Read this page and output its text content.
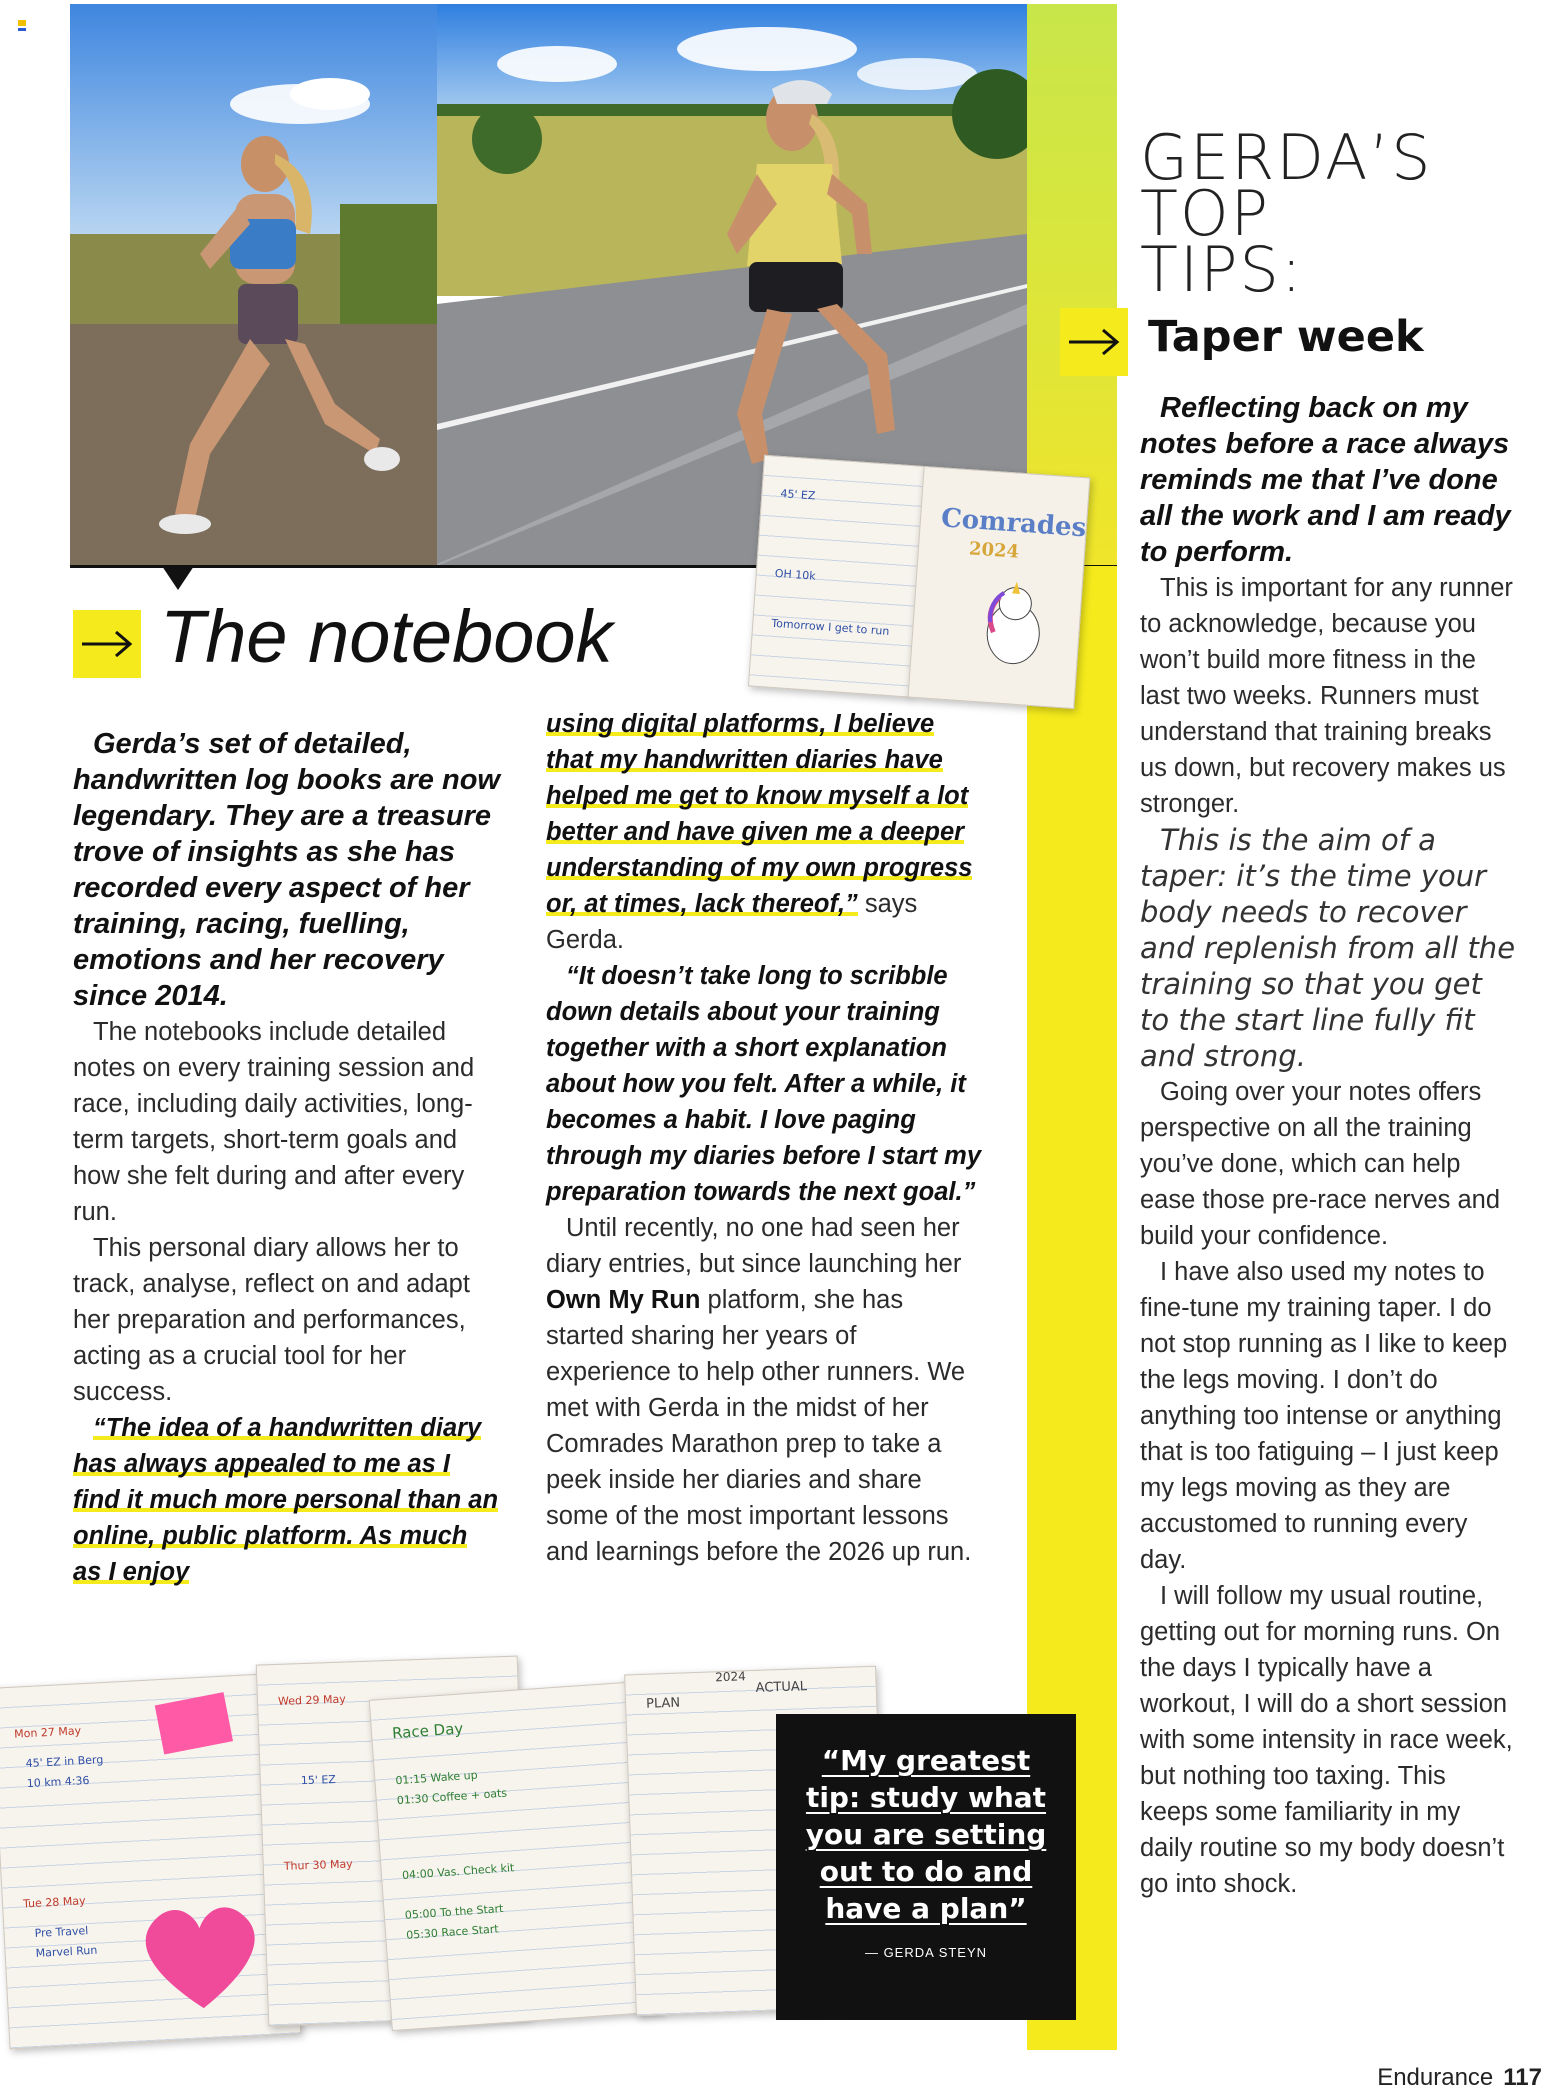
45' EZ
OH 10k
Tomorrow I get to run
Comrades
2024
The notebook

Gerda’s set of detailed, handwritten log books are now legendary. They are a treasure trove of insights as she has recorded every aspect of her training, racing, fuelling, emotions and her recovery since 2014.

The notebooks include detailed notes on every training session and race, including daily activities, long-term targets, short-term goals and how she felt during and after every run.

This personal diary allows her to track, analyse, reflect on and adapt her preparation and performances, acting as a crucial tool for her success.

“The idea of a handwritten diary has always appealed to me as I find it much more personal than an online, public platform. As much as I enjoy

using digital platforms, I believe that my handwritten diaries have helped me get to know myself a lot better and have given me a deeper understanding of my own progress or, at times, lack thereof,” says Gerda.

“It doesn’t take long to scribble down details about your training together with a short explanation about how you felt. After a while, it becomes a habit. I love paging through my diaries before I start my preparation towards the next goal.”

Until recently, no one had seen her diary entries, but since launching her Own My Run platform, she has started sharing her years of experience to help other runners. We met with Gerda in the midst of her Comrades Marathon prep to take a peek inside her diaries and share some of the most important lessons and learnings before the 2026 up run.

GERDA’S
TOP
TIPS:
Taper week

Reflecting back on my notes before a race always reminds me that I’ve done all the work and I am ready to perform.

This is important for any runner to acknowledge, because you won’t build more fitness in the last two weeks. Runners must understand that training breaks us down, but recovery makes us stronger.

This is the aim of a taper: it’s the time your body needs to recover and replenish from all the training so that you get to the start line fully fit and strong.

Going over your notes offers perspective on all the training you’ve done, which can help ease those pre-race nerves and build your confidence.

I have also used my notes to fine-tune my training taper. I do not stop running as I like to keep the legs moving. I don’t do anything too intense or anything that is too fatiguing – I just keep my legs moving as they are accustomed to running every day.

I will follow my usual routine, getting out for morning runs. On the days I typically have a workout, I will do a short session with some intensity in race week, but nothing too taxing. This keeps some familiarity in my daily routine so my body doesn’t go into shock.

Mon 27 May
45' EZ in Berg
10 km 4:36
Tue 28 May
Pre Travel
Marvel Run
Wed 29 May
15' EZ
Thur 30 May
Race Day
01:15 Wake up
01:30 Coffee + oats
04:00 Vas. Check kit
05:00 To the Start
05:30 Race Start
PLAN
ACTUAL
2024

“My greatest tip: study what you are setting out to do and have a plan”

— GERDA STEYN
Endurance 117
